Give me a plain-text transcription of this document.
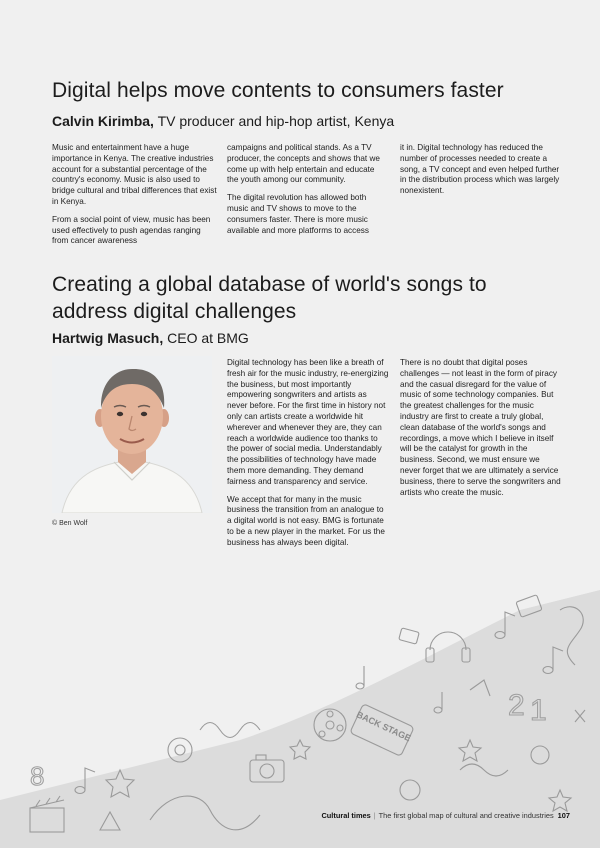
Digital helps move contents to consumers faster
Calvin Kirimba, TV producer and hip-hop artist, Kenya

Music and entertainment have a huge importance in Kenya. The creative industries account for a substantial percentage of the country's economy. Music is also used to bridge cultural and tribal differences that exist in Kenya.

From a social point of view, music has been used effectively to push agendas ranging from cancer awareness

campaigns and political stands. As a TV producer, the concepts and shows that we come up with help entertain and educate the youth among our community.

The digital revolution has allowed both music and TV shows to move to the consumers faster. There is more music available and more platforms to access

it in. Digital technology has reduced the number of processes needed to create a song, a TV concept and even helped further in the distribution process which was largely nonexistent.

Creating a global database of world's songs to address digital challenges
Hartwig Masuch, CEO at BMG
© Ben Wolf

Digital technology has been like a breath of fresh air for the music industry, re-energizing the business, but most importantly empowering songwriters and artists as never before. For the first time in history not only can artists create a worldwide hit wherever and whenever they are, they can reach a worldwide audience too thanks to the power of social media. Understandably the possibilities of technology have made them more demanding. They demand fairness and transparency and service.

We accept that for many in the music business the transition from an analogue to a digital world is not easy. BMG is fortunate to be a new player in the market. For us the business has always been digital.

There is no doubt that digital poses challenges — not least in the form of piracy and the casual disregard for the value of music of some technology companies. But the greatest challenges for the music industry are first to create a truly global, clean database of the world's songs and recordings, a move which I believe in itself will be the catalyst for growth in the business. Second, we must ensure we never forget that we are ultimately a service business, there to serve the songwriters and artists who create the music.

BACK STAGE
2 1
8
Cultural times | The first global map of cultural and creative industries 107
